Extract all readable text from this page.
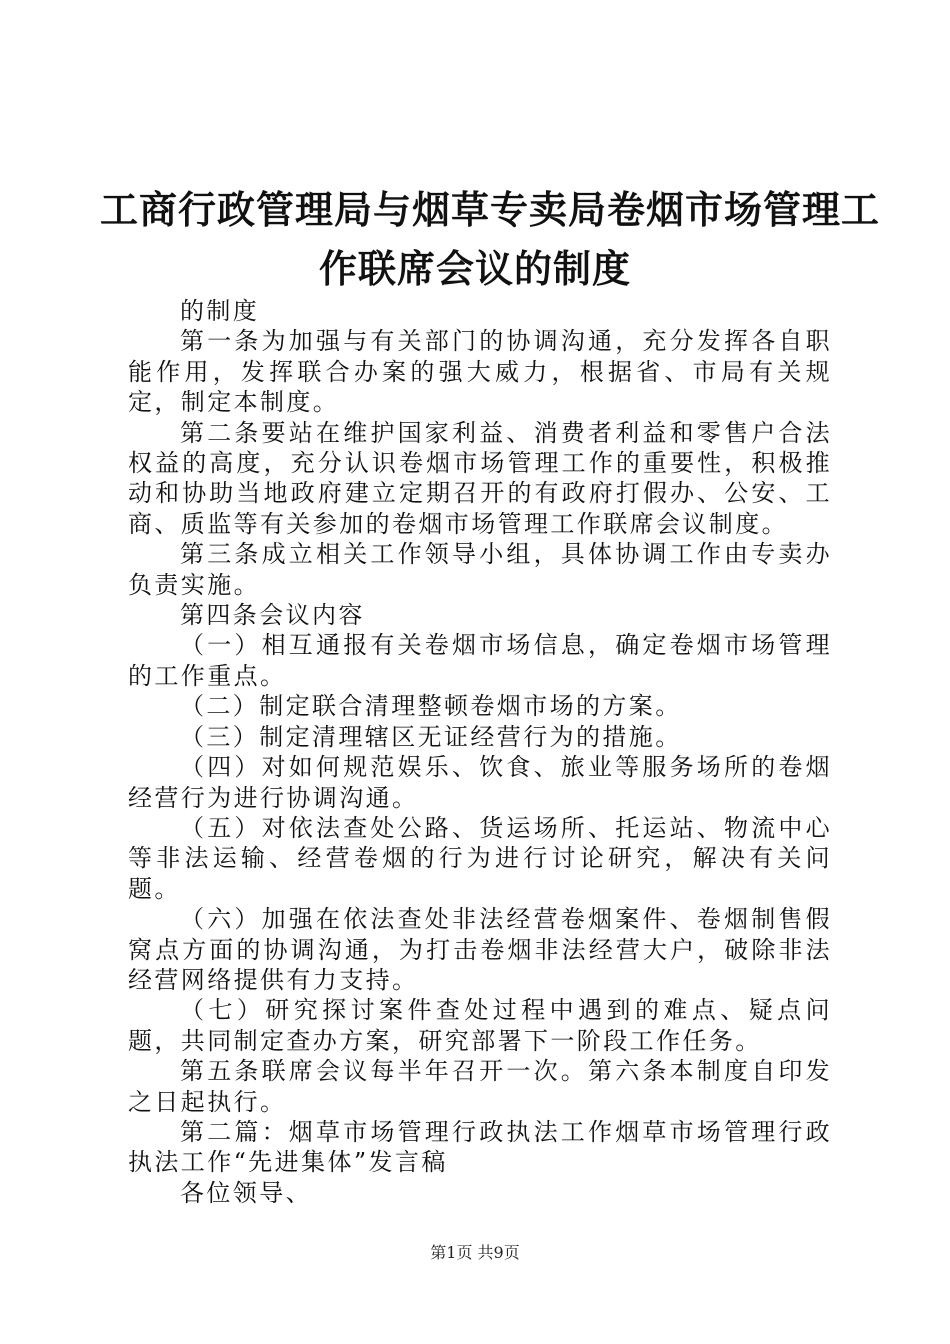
工商行政管理局与烟草专卖局卷烟市场管理工
作联席会议的制度

的制度

第一条为加强与有关部门的协调沟通，充分发挥各自职能作用，发挥联合办案的强大威力，根据省、市局有关规定，制定本制度。

第二条要站在维护国家利益、消费者利益和零售户合法权益的高度，充分认识卷烟市场管理工作的重要性，积极推动和协助当地政府建立定期召开的有政府打假办、公安、工商、质监等有关参加的卷烟市场管理工作联席会议制度。

第三条成立相关工作领导小组，具体协调工作由专卖办负责实施。

第四条会议内容

（一）相互通报有关卷烟市场信息，确定卷烟市场管理的工作重点。

（二）制定联合清理整顿卷烟市场的方案。

（三）制定清理辖区无证经营行为的措施。

（四）对如何规范娱乐、饮食、旅业等服务场所的卷烟经营行为进行协调沟通。

（五）对依法查处公路、货运场所、托运站、物流中心等非法运输、经营卷烟的行为进行讨论研究，解决有关问题。

（六）加强在依法查处非法经营卷烟案件、卷烟制售假窝点方面的协调沟通，为打击卷烟非法经营大户，破除非法经营网络提供有力支持。

（七）研究探讨案件查处过程中遇到的难点、疑点问题，共同制定查办方案，研究部署下一阶段工作任务。

第五条联席会议每半年召开一次。第六条本制度自印发之日起执行。

第二篇：烟草市场管理行政执法工作烟草市场管理行政执法工作“先进集体”发言稿

各位领导、

第1页 共9页
